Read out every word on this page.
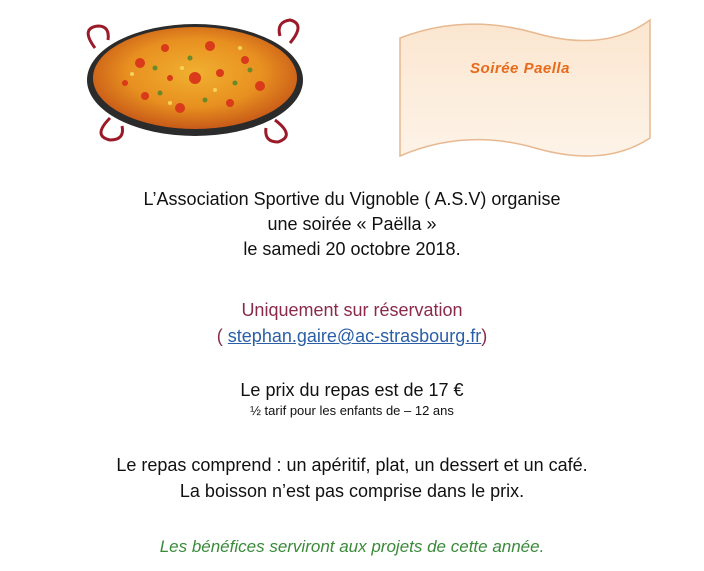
Soirée Paella
L’Association Sportive du Vignoble ( A.S.V) organise
une soirée « Paëlla »
le samedi 20 octobre 2018.
Uniquement sur réservation
( stephan.gaire@ac-strasbourg.fr)
Le prix du repas est de 17 €
½ tarif pour les enfants de – 12 ans
Le repas comprend : un apéritif, plat, un dessert et un café.
La boisson n’est pas comprise dans le prix.
Les bénéfices serviront aux projets de cette année.
